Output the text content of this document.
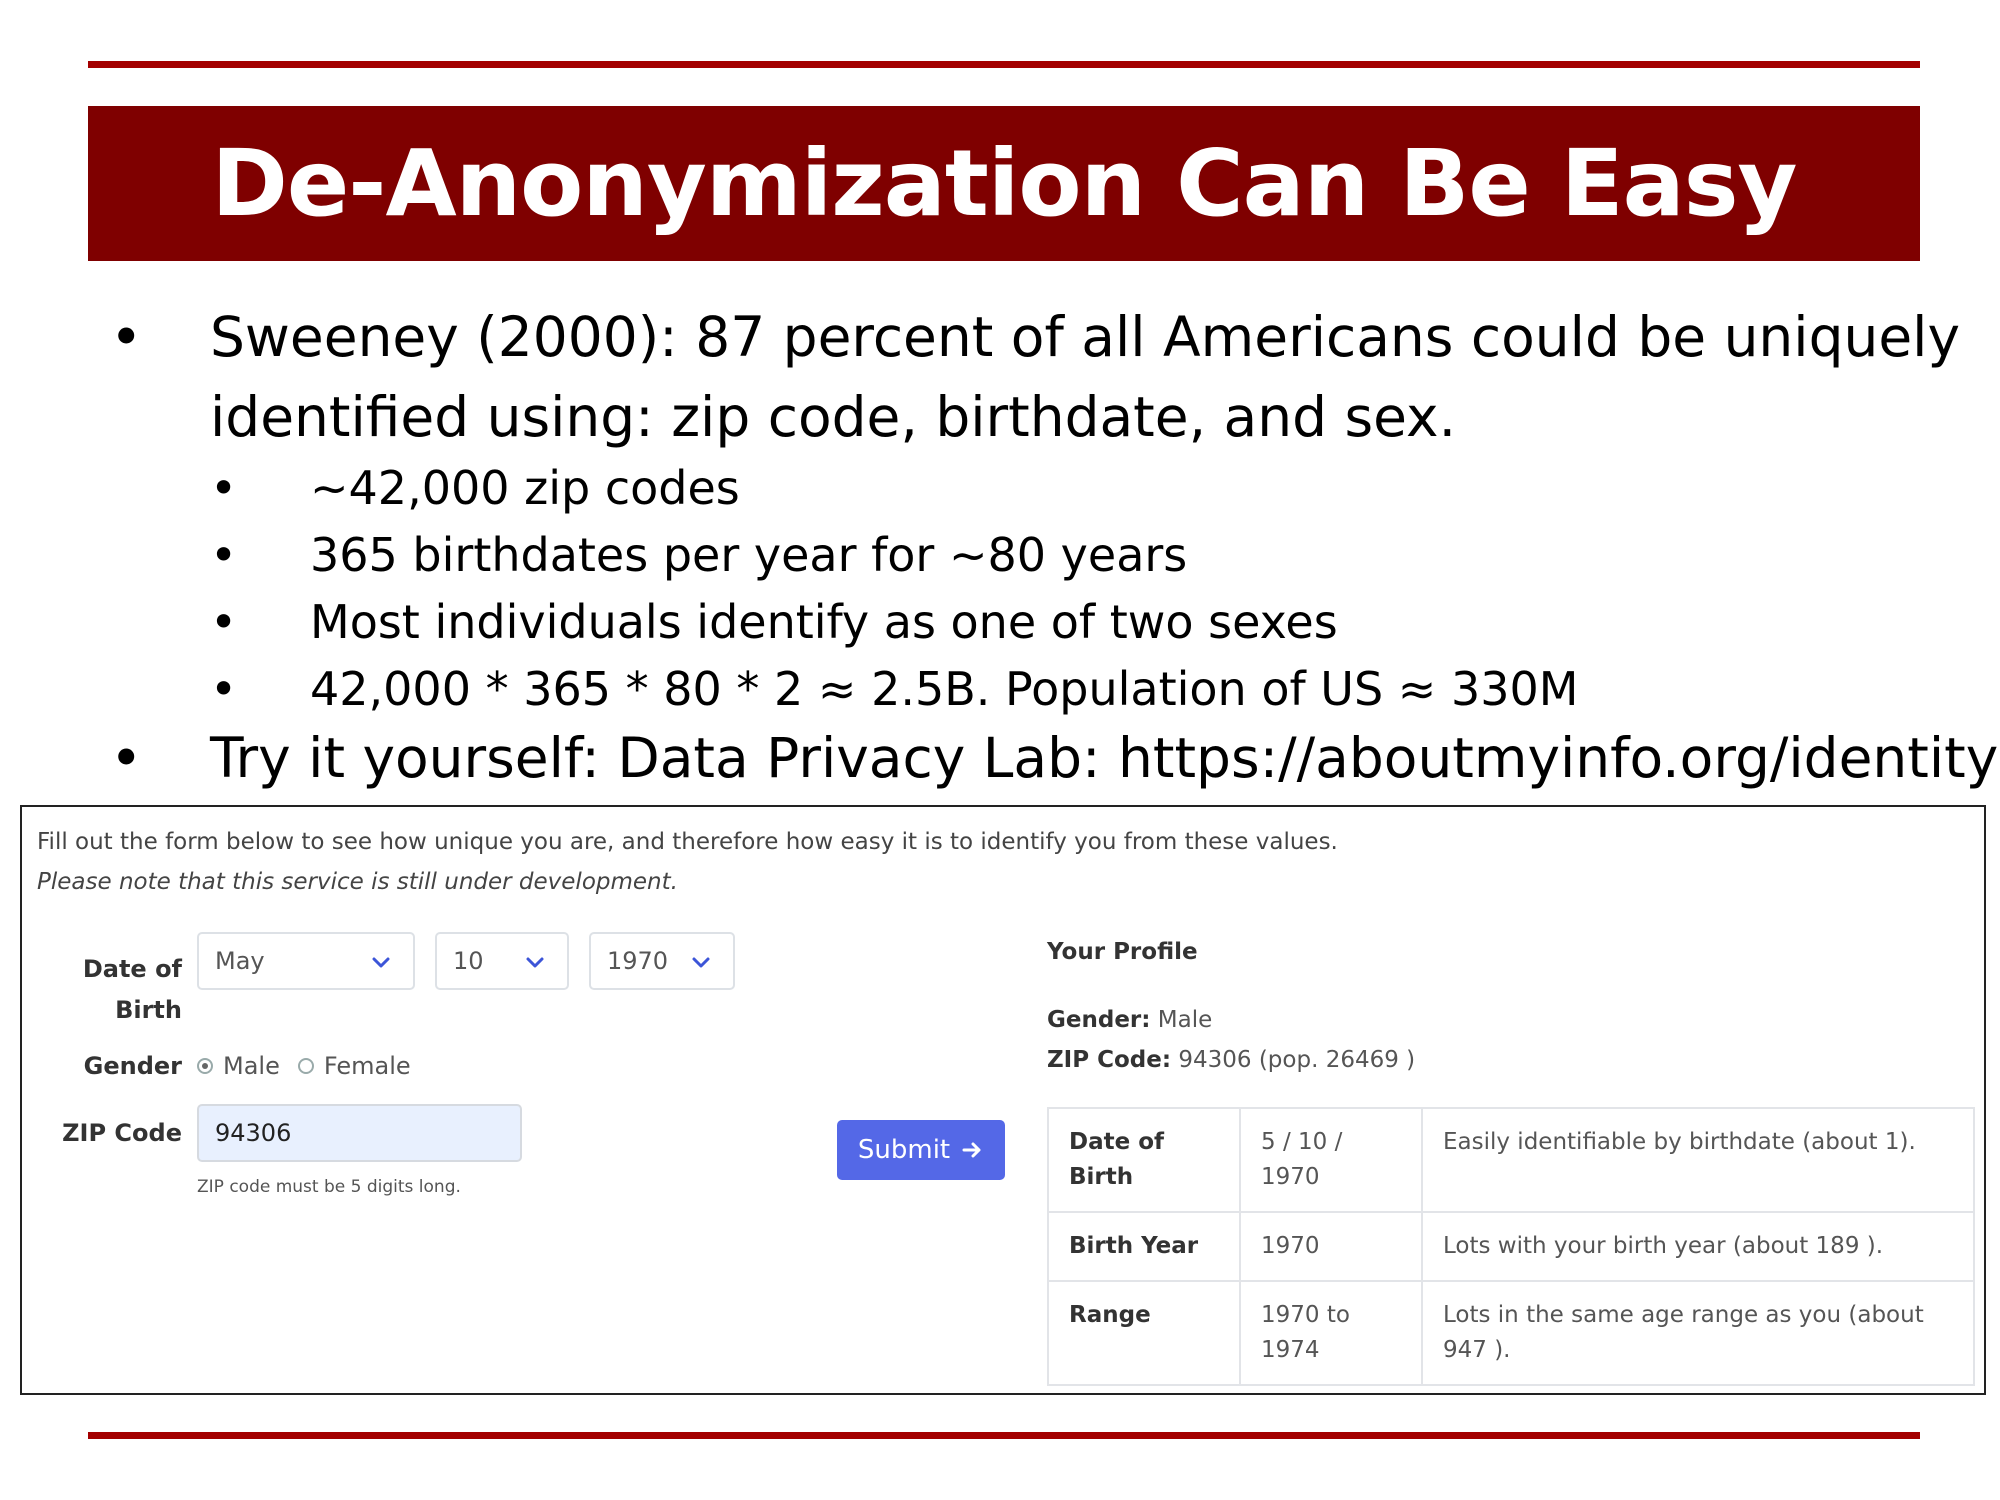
De-Anonymization Can Be Easy
• Sweeney (2000): 87 percent of all Americans could be uniquely identified using: zip code, birthdate, and sex.
• ~42,000 zip codes
• 365 birthdates per year for ~80 years
• Most individuals identify as one of two sexes
• 42,000 * 365 * 80 * 2 ≈ 2.5B. Population of US ≈ 330M
• Try it yourself: Data Privacy Lab: https://aboutmyinfo.org/identity
Fill out the form below to see how unique you are, and therefore how easy it is to identify you from these values.
Please note that this service is still under development.
Date of
Birth
May	10	1970
Gender Male Female
ZIP Code
94306
ZIP code must be 5 digits long.
Submit
Your Profile
Gender: Male
ZIP Code: 94306 (pop. 26469 )
Date of Birth	5 / 10 / 1970	Easily identifiable by birthdate (about 1).
Birth Year	1970	Lots with your birth year (about 189 ).
Range	1970 to 1974	Lots in the same age range as you (about 947 ).
